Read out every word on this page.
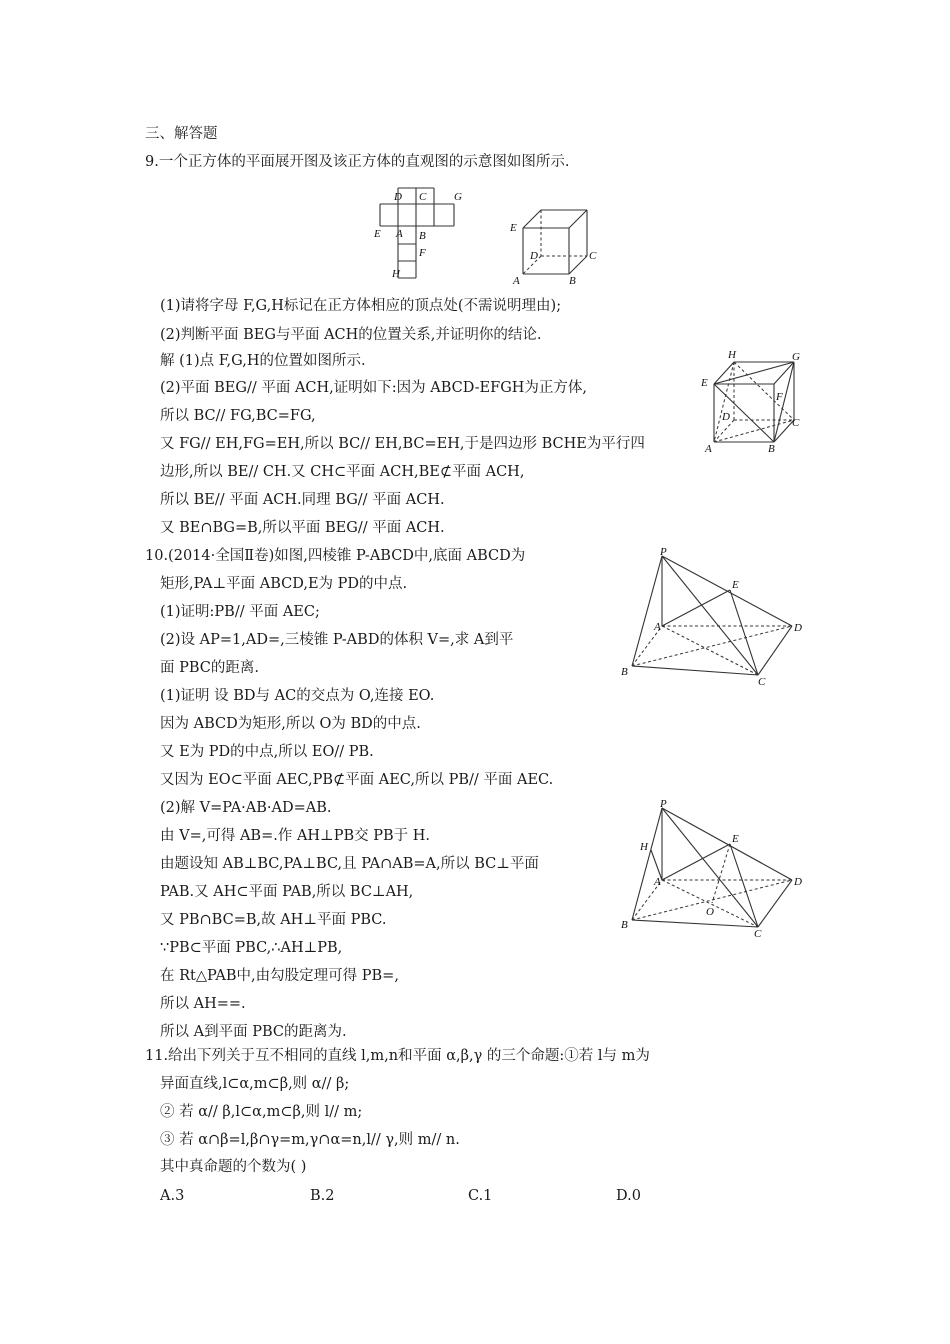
三、解答题
9.一个正方体的平面展开图及该正方体的直观图的示意图如图所示.
D C	G
E A B
F
H
E
D	C
A	B
(1)请将字母 F,G,H标记在正方体相应的顶点处(不需说明理由);
(2)判断平面 BEG与平面 ACH的位置关系,并证明你的结论.
解 (1)点 F,G,H的位置如图所示.
(2)平面 BEG// 平面 ACH,证明如下:因为 ABCD-EFGH为正方体,
所以 BC// FG,BC=FG,
又 FG// EH,FG=EH,所以 BC// EH,BC=EH,于是四边形 BCHE为平行四
边形,所以 BE// CH.又 CH⊂平面 ACH,BE⊄平面 ACH,
所以 BE// 平面 ACH.同理 BG// 平面 ACH.
又 BE∩BG=B,所以平面 BEG// 平面 ACH.
H	G
E
F
D	C
A	B
10.(2014·全国Ⅱ卷)如图,四棱锥 P-ABCD中,底面 ABCD为
矩形,PA⊥平面 ABCD,E为 PD的中点.
(1)证明:PB// 平面 AEC;
(2)设 AP=1,AD=,三棱锥 P-ABD的体积 V=,求 A到平
面 PBC的距离.
P
E
A	D
B
C
(1)证明 设 BD与 AC的交点为 O,连接 EO.
因为 ABCD为矩形,所以 O为 BD的中点.
又 E为 PD的中点,所以 EO// PB.
又因为 EO⊂平面 AEC,PB⊄平面 AEC,所以 PB// 平面 AEC.
(2)解 V=PA·AB·AD=AB.
由 V=,可得 AB=.作 AH⊥PB交 PB于 H.
由题设知 AB⊥BC,PA⊥BC,且 PA∩AB=A,所以 BC⊥平面
PAB.又 AH⊂平面 PAB,所以 BC⊥AH,
又 PB∩BC=B,故 AH⊥平面 PBC.
∵PB⊂平面 PBC,∴AH⊥PB,
在 Rt△PAB中,由勾股定理可得 PB=,
所以 AH==.
所以 A到平面 PBC的距离为.
P
E
H
A	D
O
B
C
11.给出下列关于互不相同的直线 l,m,n和平面 α,β,γ 的三个命题:①若 l与 m为
异面直线,l⊂α,m⊂β,则 α// β;
② 若 α// β,l⊂α,m⊂β,则 l// m;
③ 若 α∩β=l,β∩γ=m,γ∩α=n,l// γ,则 m// n.
其中真命题的个数为( )
A.3	B.2	C.1	D.0
